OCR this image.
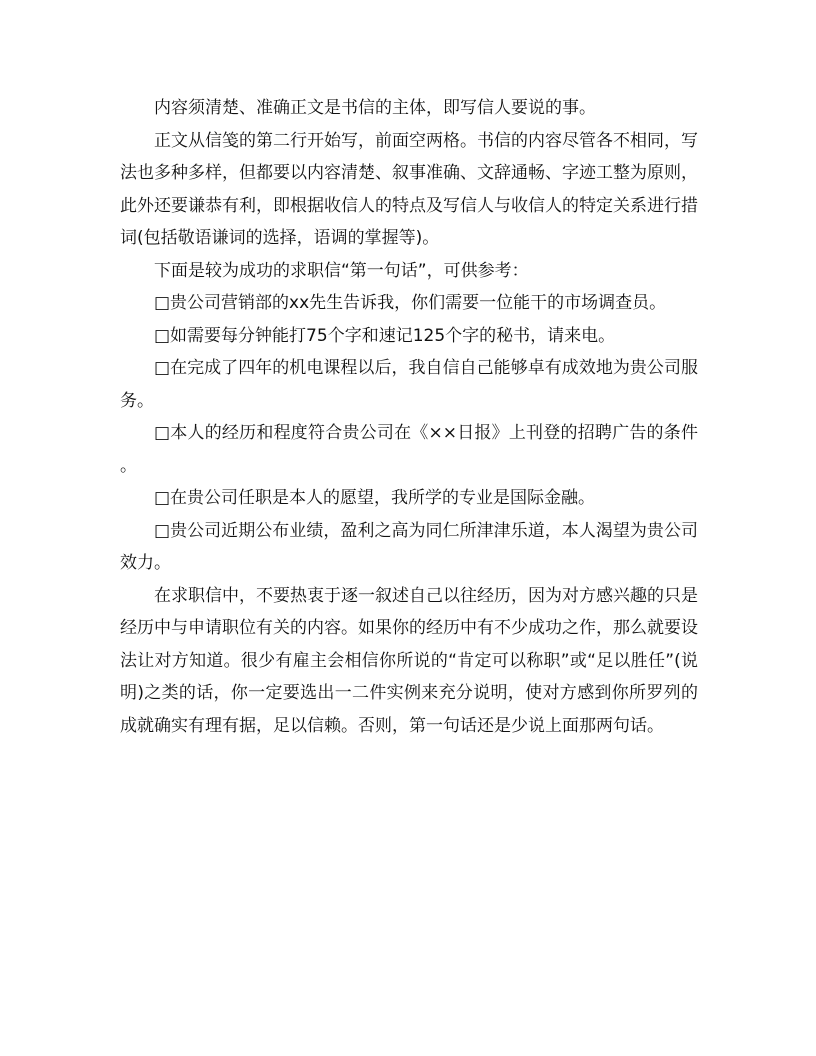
内容须清楚、准确正文是书信的主体，即写信人要说的事。

正文从信笺的第二行开始写，前面空两格。书信的内容尽管各不相同，写法也多种多样，但都要以内容清楚、叙事准确、文辞通畅、字迹工整为原则，此外还要谦恭有利，即根据收信人的特点及写信人与收信人的特定关系进行措词(包括敬语谦词的选择，语调的掌握等)。

下面是较为成功的求职信“第一句话”，可供参考：

□贵公司营销部的xx先生告诉我，你们需要一位能干的市场调查员。

□如需要每分钟能打75个字和速记125个字的秘书，请来电。

□在完成了四年的机电课程以后，我自信自己能够卓有成效地为贵公司服务。

□本人的经历和程度符合贵公司在《××日报》上刊登的招聘广告的条件。

□在贵公司任职是本人的愿望，我所学的专业是国际金融。

□贵公司近期公布业绩，盈利之高为同仁所津津乐道，本人渴望为贵公司效力。

在求职信中，不要热衷于逐一叙述自己以往经历，因为对方感兴趣的只是经历中与申请职位有关的内容。如果你的经历中有不少成功之作，那么就要设法让对方知道。很少有雇主会相信你所说的“肯定可以称职”或“足以胜任”(说明)之类的话，你一定要选出一二件实例来充分说明，使对方感到你所罗列的成就确实有理有据，足以信赖。否则，第一句话还是少说上面那两句话。
